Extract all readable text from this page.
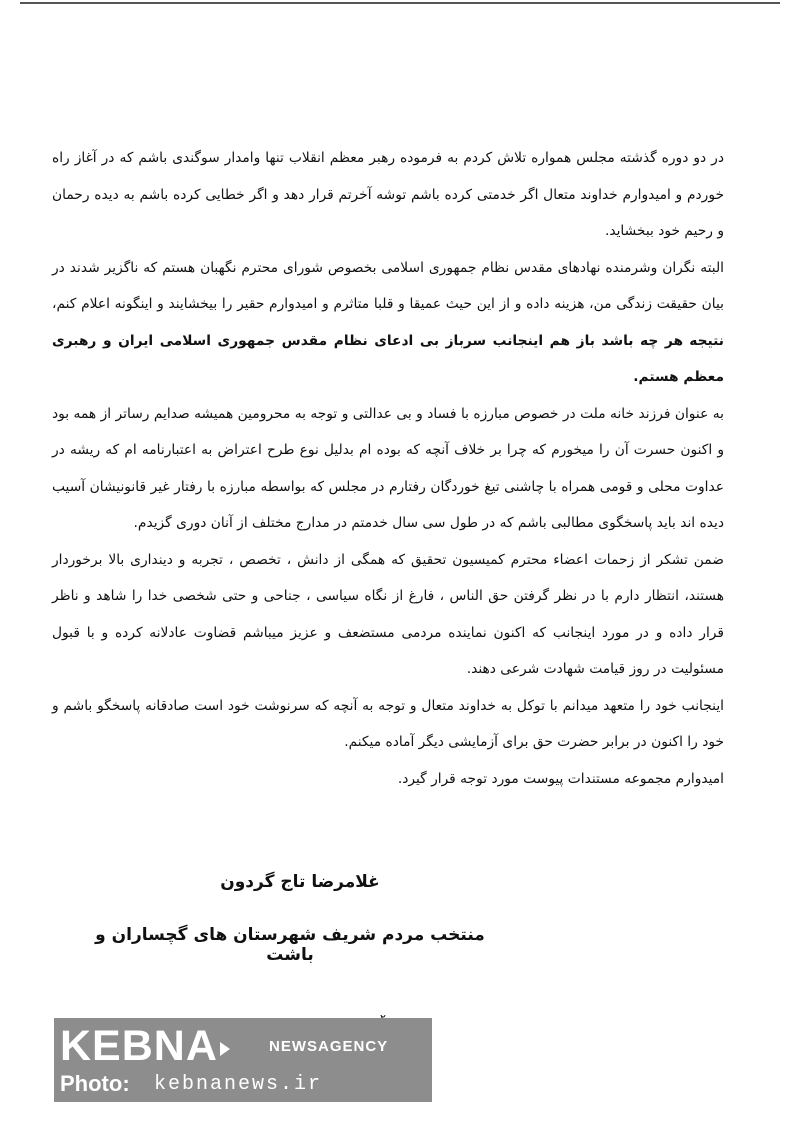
در دو دوره گذشته مجلس همواره تلاش کردم به فرموده رهبر معظم انقلاب تنها وامدار سوگندی باشم که در آغاز راه خوردم و امیدوارم خداوند متعال اگر خدمتی کرده باشم توشه آخرتم قرار دهد و اگر خطایی کرده باشم به دیده رحمان و رحیم خود ببخشاید.

البته نگران وشرمنده نهادهای مقدس نظام جمهوری اسلامی بخصوص شورای محترم نگهبان هستم که ناگزیر شدند در بیان حقیقت زندگی من، هزینه داده و از این حیث عمیقا و قلبا متاثرم و امیدوارم حقیر را بیخشایند و اینگونه اعلام کنم، نتیجه هر چه باشد باز هم اینجانب سرباز بی ادعای نظام مقدس جمهوری اسلامی ایران و رهبری معظم هستم.

به عنوان فرزند خانه ملت در خصوص مبارزه با فساد و بی عدالتی و توجه به محرومین همیشه صدایم رساتر از همه بود و اکنون حسرت آن را میخورم که چرا بر خلاف آنچه که بوده ام بدلیل نوع طرح اعتراض به اعتبارنامه ام که ریشه در عداوت محلی و قومی همراه با چاشنی تیغ خوردگان رفتارم در مجلس که بواسطه مبارزه با رفتار غیر قانونیشان آسیب دیده اند باید پاسخگوی مطالبی باشم که در طول سی سال خدمتم در مدارج مختلف از آنان دوری گزیدم.

ضمن تشکر از زحمات اعضاء محترم کمیسیون تحقیق که همگی از دانش ، تخصص ، تجربه و دینداری بالا برخوردار هستند، انتظار دارم با در نظر گرفتن حق الناس ، فارغ از نگاه سیاسی ، جناحی و حتی شخصی خدا را شاهد و ناظر قرار داده و در مورد اینجانب که اکنون نماینده مردمی مستضعف و عزیز میباشم قضاوت عادلانه کرده و با قبول مسئولیت در روز قیامت شهادت شرعی دهند.

اینجانب خود را متعهد میدانم با توکل به خداوند متعال و توجه به آنچه که سرنوشت خود است صادقانه پاسخگو باشم و خود را اکنون در برابر حضرت حق برای آزمایشی دیگر آماده میکنم.

امیدوارم مجموعه مستندات پیوست مورد توجه قرار گیرد.

غلامرضا تاج گردون
منتخب مردم شریف شهرستان های گچساران و باشت
KEBNA	NEWSAGENCY
Photo: kebnanews.ir
